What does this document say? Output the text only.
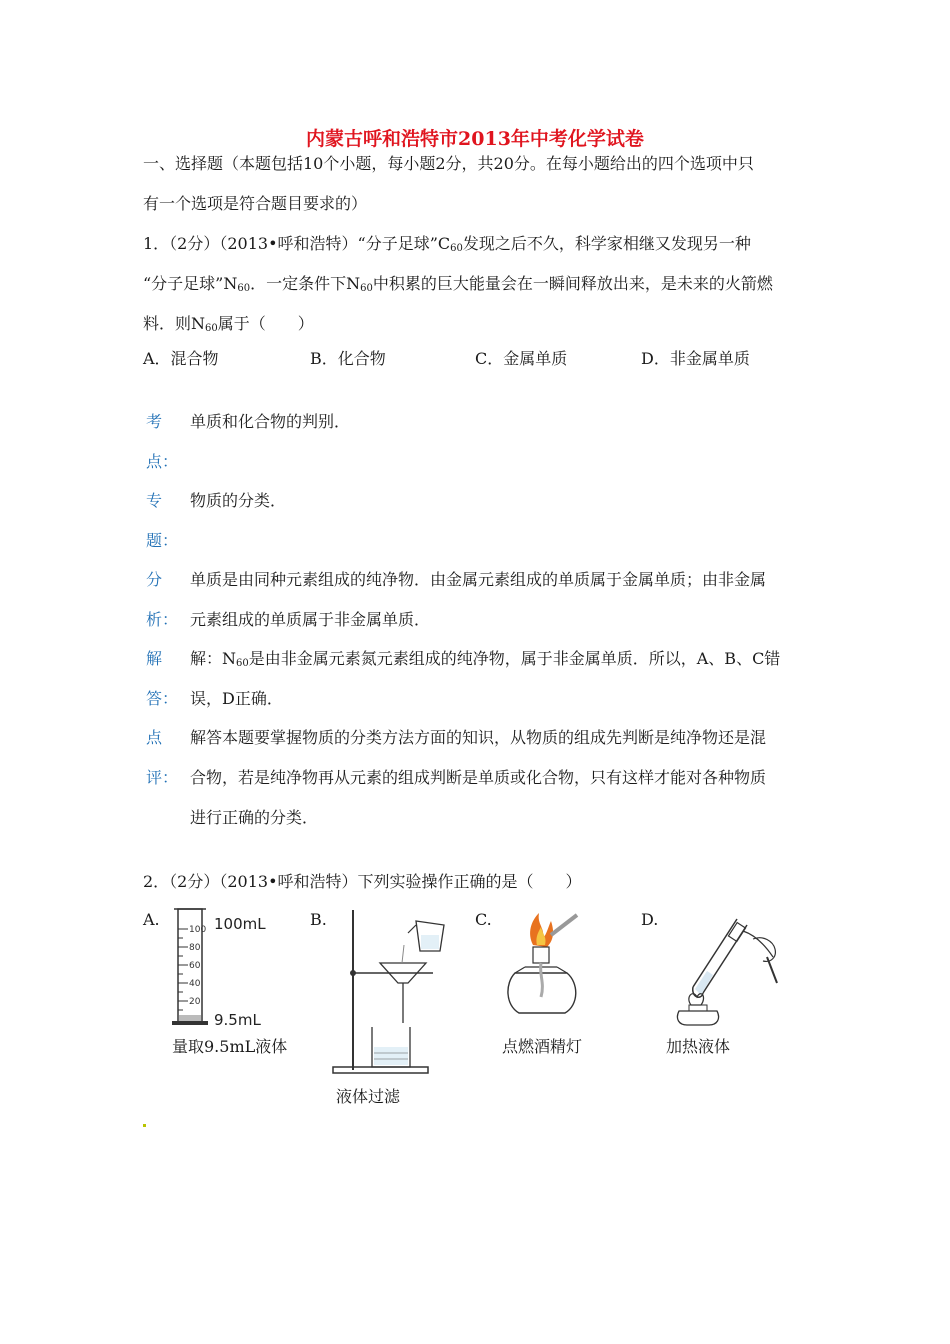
内蒙古呼和浩特市2013年中考化学试卷
一、选择题（本题包括10个小题，每小题2分，共20分。在每小题给出的四个选项中只
有一个选项是符合题目要求的）
1．（2分）（2013•呼和浩特）“分子足球$”C_{60}$发现之后不久，科学家相继又发现另一种
“分子足球$”N_{60}$．一定条件下$N_{60}$中积累的巨大能量会在一瞬间释放出来，是未来的火箭燃
料．则$N_{60}$属于（　　）
A．混合物	B．化合物	C．金属单质	D．非金属单质
考
点：
单质和化合物的判别．
专
题：
物质的分类．
分
析：
单质是由同种元素组成的纯净物．由金属元素组成的单质属于金属单质；由非金属
元素组成的单质属于非金属单质．
解
答：
解：$N_{60}$是由非金属元素氮元素组成的纯净物，属于非金属单质．所以，A、B、C错
误，D正确．
点
评：
解答本题要掌握物质的分类方法方面的知识，从物质的组成先判断是纯净物还是混
合物，若是纯净物再从元素的组成判断是单质或化合物，只有这样才能对各种物质
进行正确的分类．
2．（2分）（2013•呼和浩特）下列实验操作正确的是（　　）
A.	B.	C.	D.
100
80
60
40
20
100mL
9.5mL
量取9.5mL液体
液体过滤
点燃酒精灯	加热液体
